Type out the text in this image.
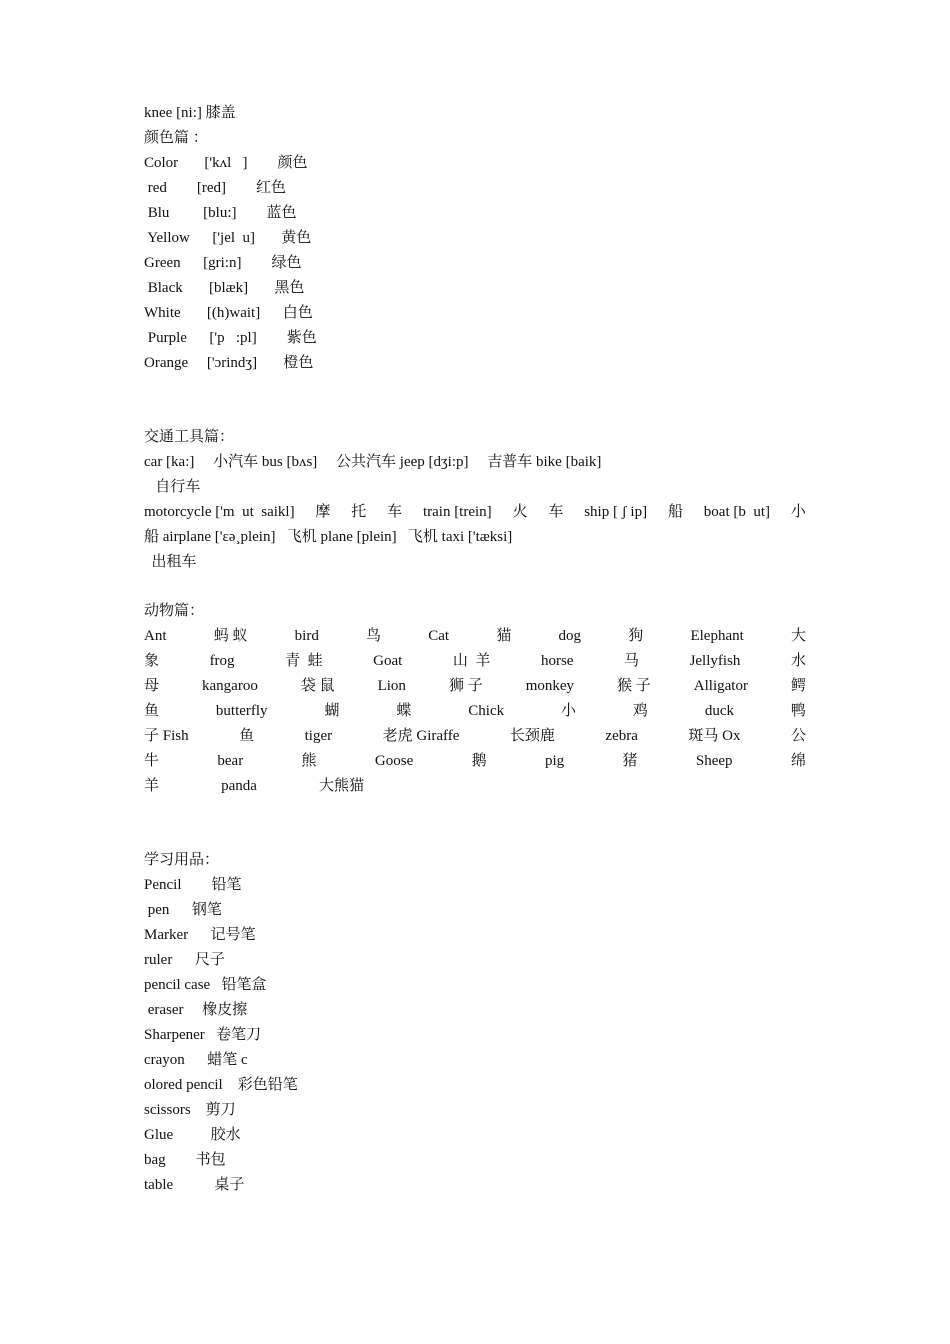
knee [ni:] 膝盖
颜色篇 ：
Color       ['kʌl   ]        颜色
red        [red]        红色
Blu         [blu:]        蓝色
Yellow      ['jel  u]       黄色
Green      [gri:n]        绿色
Black       [blæk]       黑色
White       [(h)wait]      白色
Purple      ['p   :pl]        紫色
Orange     ['ɔrindʒ]       橙色
交通工具篇：
car [ka:]     小汽车 bus [bʌs]     公共汽车 jeep [dʒi:p]     吉普车 bike [baik]
自行车
motorcycle ['m  ut  saikl] 摩 托 车 train [trein] 火 车 ship [ ʃ ip] 船 boat [b  ut] 小
船 airplane ['ɛə¸plein]   飞机 plane [plein]   飞机 taxi ['tæksi]
出租车
动物篇：
Ant	蚂 蚁	bird	鸟	Cat	猫	dog	狗	Elephant	大
象	frog	青  蛙	Goat	山  羊	horse	马	Jellyfish	水
母	kangaroo	袋 鼠	Lion	狮 子	monkey	猴 子	Alligator	鳄
鱼	butterfly	蝴	蝶	Chick	小	鸡	duck	鸭
子 Fish	鱼	tiger	老虎 Giraffe	长颈鹿	zebra	斑马 Ox	公
牛	bear	熊	Goose	鹅	pig	猪	Sheep	绵
羊	panda	大熊猫
学习用品：
Pencil        铅笔
pen      钢笔
Marker      记号笔
ruler      尺子
pencil case   铅笔盒
eraser     橡皮擦
Sharpener   卷笔刀
crayon      蜡笔 c
olored pencil    彩色铅笔
scissors    剪刀
Glue          胶水
bag        书包
table           桌子
